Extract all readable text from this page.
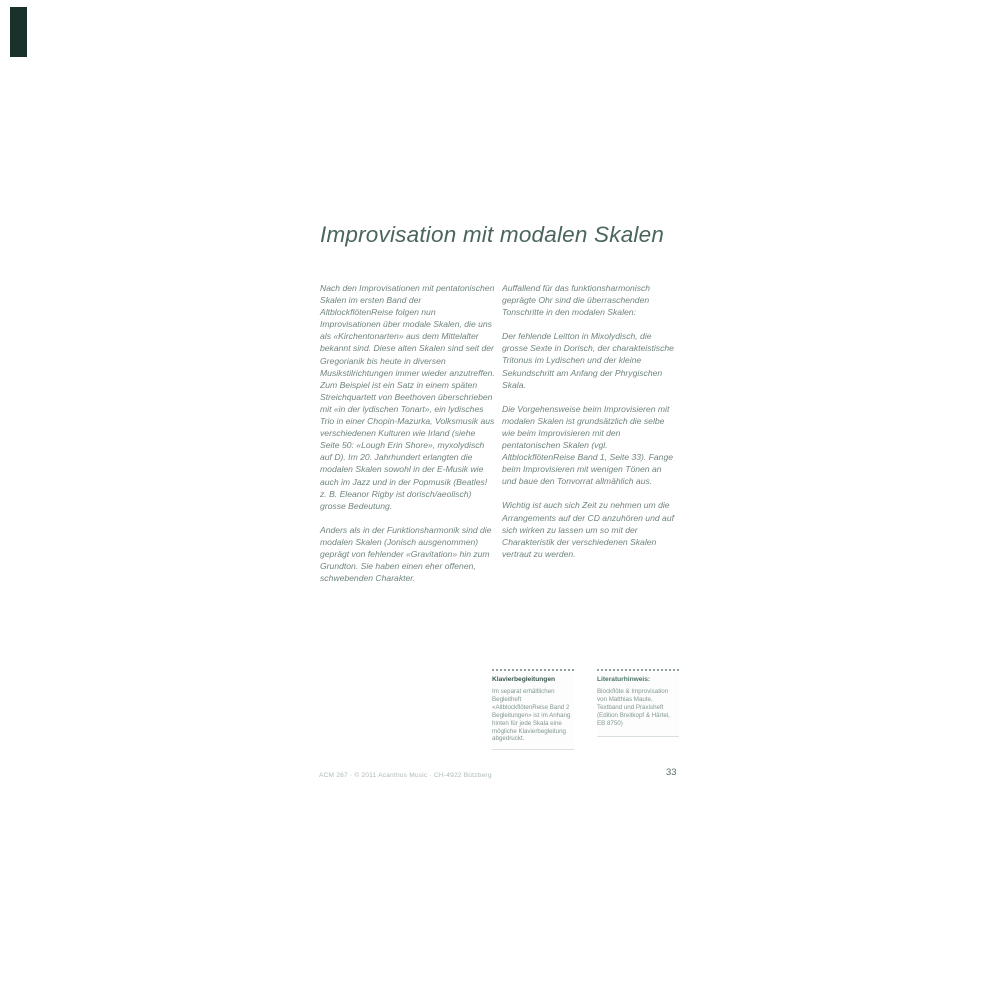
Improvisation mit modalen Skalen

Nach den Improvisationen mit pentatonischen Skalen im ersten Band der AltblockflötenReise folgen nun Improvisationen über modale Skalen, die uns als «Kirchentonarten» aus dem Mittelalter bekannt sind. Diese alten Skalen sind seit der Gregorianik bis heute in diversen Musikstilrichtungen immer wieder anzutreffen. Zum Beispiel ist ein Satz in einem späten Streichquartett von Beethoven überschrieben mit «in der lydischen Tonart», ein lydisches Trio in einer Chopin-Mazurka, Volksmusik aus verschiedenen Kulturen wie Irland (siehe Seite 50: «Lough Erin Shore», myxolydisch auf D). Im 20. Jahrhundert erlangten die modalen Skalen sowohl in der E-Musik wie auch im Jazz und in der Popmusik (Beatles! z. B. Eleanor Rigby ist dorisch/aeolisch) grosse Bedeutung.

Anders als in der Funktionsharmonik sind die modalen Skalen (Jonisch ausgenommen) geprägt von fehlender «Gravitation» hin zum Grundton. Sie haben einen eher offenen, schwebenden Charakter.

Auffallend für das funktionsharmonisch geprägte Ohr sind die überraschenden Tonschritte in den modalen Skalen:

Der fehlende Leitton in Mixolydisch, die grosse Sexte in Dorisch, der charakteistische Tritonus im Lydischen und der kleine Sekundschritt am Anfang der Phrygischen Skala.

Die Vorgehensweise beim Improvisieren mit modalen Skalen ist grundsätzlich die selbe wie beim Improvisieren mit den pentatonischen Skalen (vgl. AltblockflötenReise Band 1, Seite 33). Fange beim Improvisieren mit wenigen Tönen an und baue den Tonvorrat allmählich aus.

Wichtig ist auch sich Zeit zu nehmen um die Arrangements auf der CD anzuhören und auf sich wirken zu lassen um so mit der Charakteristik der verschiedenen Skalen vertraut zu werden.

Klavierbegleitungen

Im separat erhältlichen Begleitheft «AltblockflötenReise Band 2 Begleitungen» ist im Anhang hinten für jede Skala eine mögliche Klavierbegleitung abgedruckt.

Literaturhinweis:

Blockflöte & Improvisation von Matthias Maute, Textband und Praxisheft (Edition Breitkopf & Härtel, EB 8750)

ACM 267 · © 2011 Acanthus Music · CH-4922 Bützberg	33
